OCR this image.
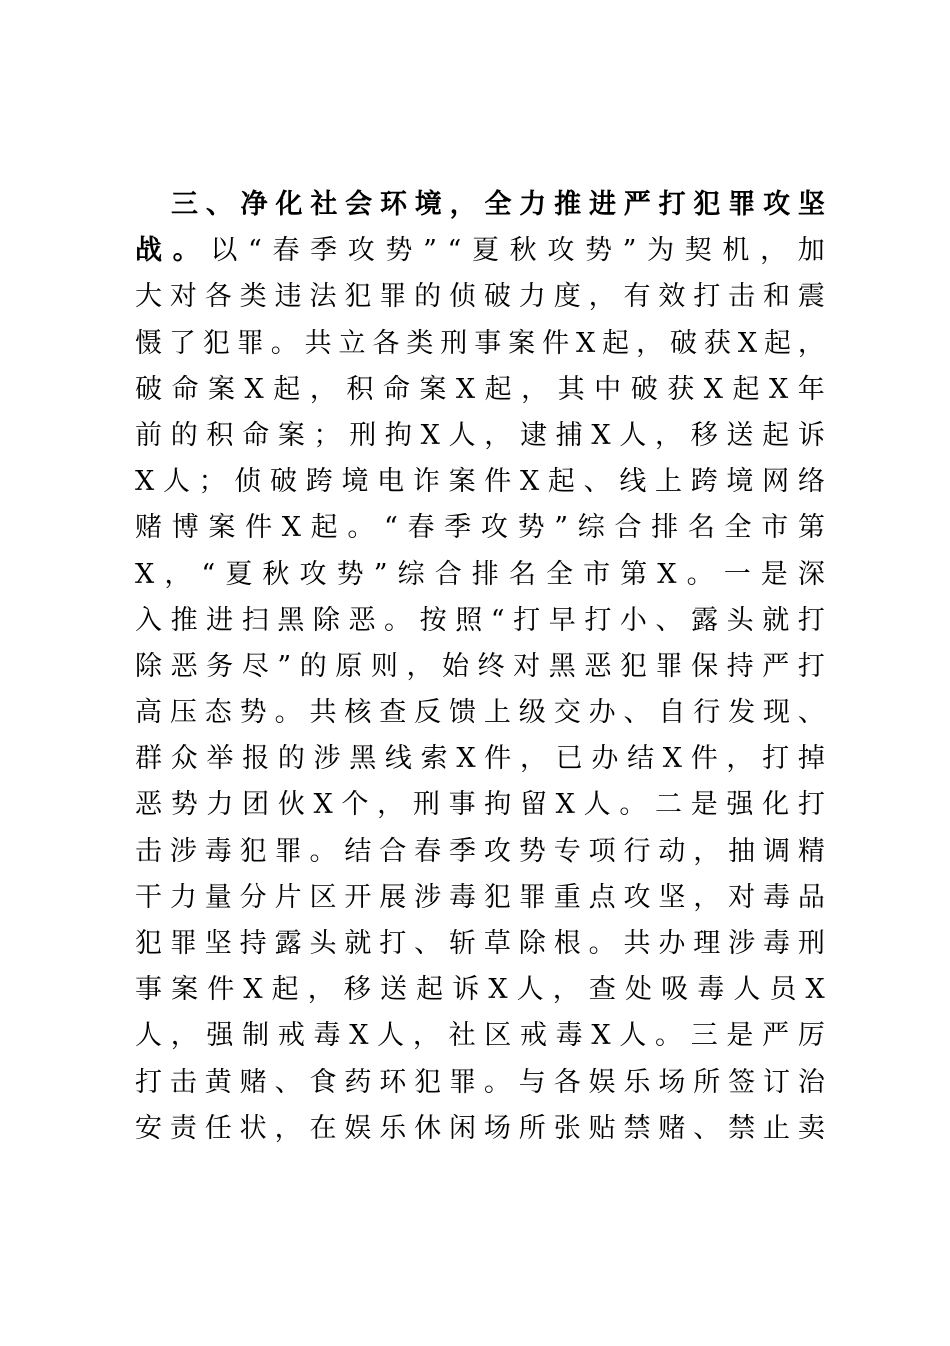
三 、 净 化 社 会 环 境 ， 全 力 推 进 严 打 犯 罪 攻 坚
战 。 以 “ 春 季 攻 势 ” “ 夏 秋 攻 势 ” 为 契 机 ， 加
大 对 各 类 违 法 犯 罪 的 侦 破 力 度 ， 有 效 打 击 和 震
慑 了 犯 罪 。 共 立 各 类 刑 事 案 件 X 起 ， 破 获 X 起 ，
破 命 案 X 起 ， 积 命 案 X 起 ， 其 中 破 获 X 起 X 年
前 的 积 命 案 ； 刑 拘 X 人 ， 逮 捕 X 人 ， 移 送 起 诉
X 人 ； 侦 破 跨 境 电 诈 案 件 X 起 、 线 上 跨 境 网 络
赌 博 案 件 X 起 。 “ 春 季 攻 势 ” 综 合 排 名 全 市 第
X ， “ 夏 秋 攻 势 ” 综 合 排 名 全 市 第 X 。 一 是 深
入 推 进 扫 黑 除 恶 。 按 照 “ 打 早 打 小 、 露 头 就 打
除 恶 务 尽 ” 的 原 则 ， 始 终 对 黑 恶 犯 罪 保 持 严 打
高 压 态 势 。 共 核 查 反 馈 上 级 交 办 、 自 行 发 现 、
群 众 举 报 的 涉 黑 线 索 X 件 ， 已 办 结 X 件 ， 打 掉
恶 势 力 团 伙 X 个 ， 刑 事 拘 留 X 人 。 二 是 强 化 打
击 涉 毒 犯 罪 。 结 合 春 季 攻 势 专 项 行 动 ， 抽 调 精
干 力 量 分 片 区 开 展 涉 毒 犯 罪 重 点 攻 坚 ， 对 毒 品
犯 罪 坚 持 露 头 就 打 、 斩 草 除 根 。 共 办 理 涉 毒 刑
事 案 件 X 起 ， 移 送 起 诉 X 人 ， 查 处 吸 毒 人 员 X
人 ， 强 制 戒 毒 X 人 ， 社 区 戒 毒 X 人 。 三 是 严 厉
打 击 黄 赌 、 食 药 环 犯 罪 。 与 各 娱 乐 场 所 签 订 治
安 责 任 状 ， 在 娱 乐 休 闲 场 所 张 贴 禁 赌 、 禁 止 卖
